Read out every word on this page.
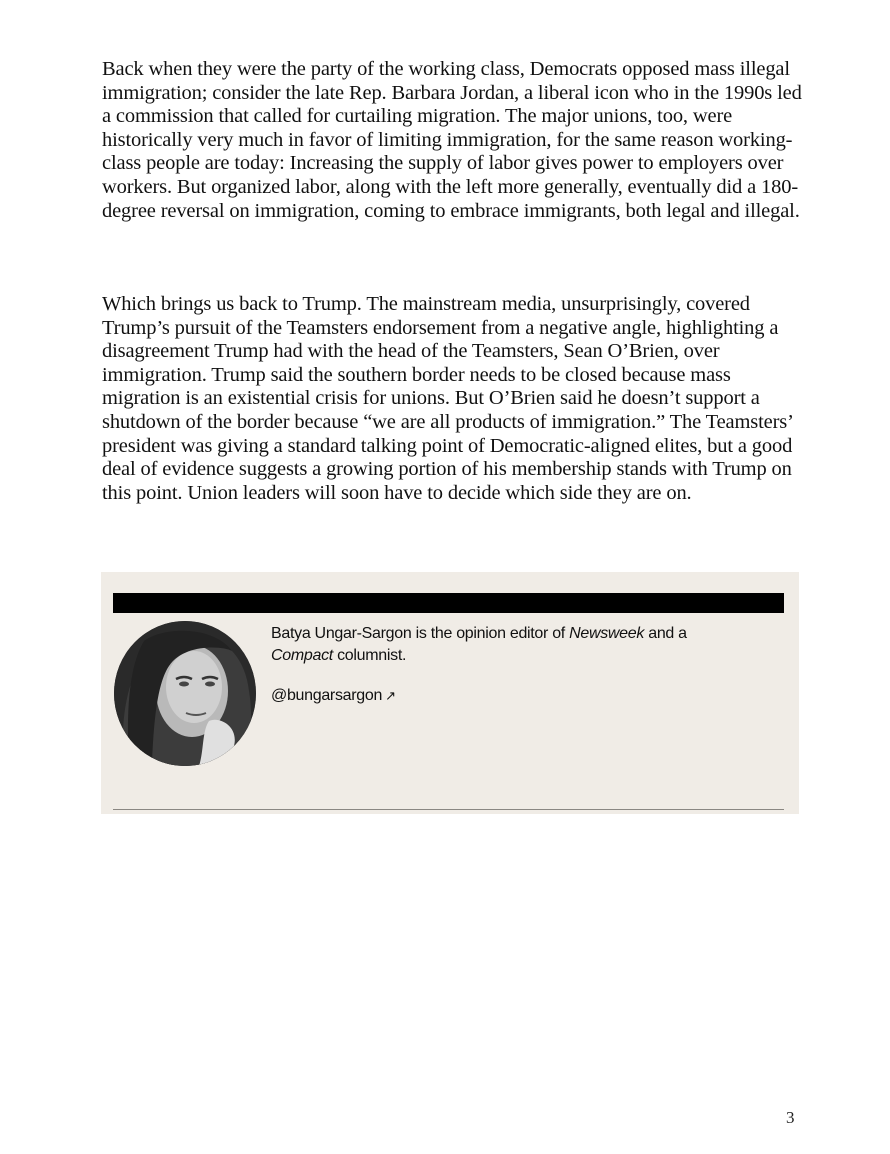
Back when they were the party of the working class, Democrats opposed mass illegal immigration; consider the late Rep. Barbara Jordan, a liberal icon who in the 1990s led a commission that called for curtailing migration. The major unions, too, were historically very much in favor of limiting immigration, for the same reason working-class people are today: Increasing the supply of labor gives power to employers over workers. But organized labor, along with the left more generally, eventually did a 180-degree reversal on immigration, coming to embrace immigrants, both legal and illegal.

Which brings us back to Trump. The mainstream media, unsurprisingly, covered Trump’s pursuit of the Teamsters endorsement from a negative angle, highlighting a disagreement Trump had with the head of the Teamsters, Sean O’Brien, over immigration. Trump said the southern border needs to be closed because mass migration is an existential crisis for unions. But O’Brien said he doesn’t support a shutdown of the border because “we are all products of immigration.” The Teamsters’ president was giving a standard talking point of Democratic-aligned elites, but a good deal of evidence suggests a growing portion of his membership stands with Trump on this point. Union leaders will soon have to decide which side they are on.

Batya Ungar-Sargon is the opinion editor of Newsweek and a
Compact columnist.
@bungarsargon ↗
3
